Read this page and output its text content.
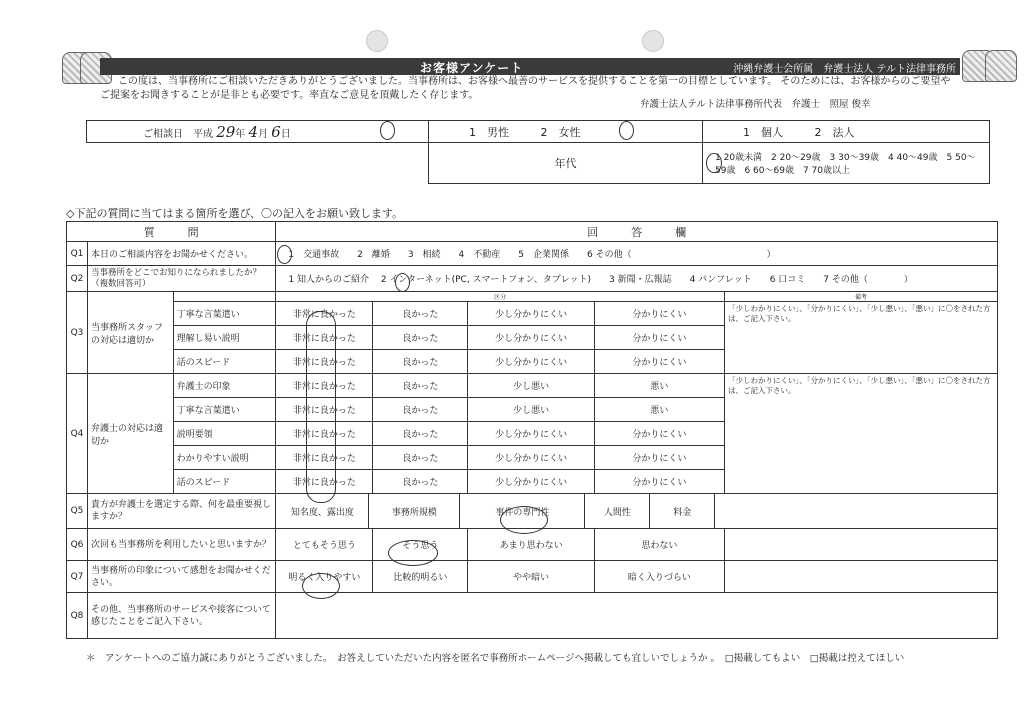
お客様アンケート	沖縄弁護士会所属　弁護士法人 テルト法律事務所
この度は、当事務所にご相談いただきありがとうございました。当事務所は、お客様へ最善のサービスを提供することを第一の目標としています。 そのためには、お客様からのご要望や
ご提案をお聞きすることが是非とも必要です。率直なご意見を頂戴したく存じます。
弁護士法人テルト法律事務所代表　弁護士　照屋 俊幸
ご相談日　平成 29年 4月 6日	1　男性 2　女性	1　個人 2　法人
	年代	1 20歳未満　2 20～29歳　3 30～39歳　4 40～49歳　5 50～59歳　6 60～69歳　7 70歳以上
◇下記の質問に当てはまる箇所を選び、〇の記入をお願い致します。
質　　　問			回　　　答　　　欄				
Q1	本日のご相談内容をお聞かせください。		1　交通事故　　2　離婚　　3　相続　　4　不動産　　5　企業関係　　6 その他（　　　　　　　　　　　　　　　）				
Q2	当事務所をどこでお知りになられましたか？（複数回答可）		1 知人からのご紹介　 2 インターネット(PC, スマートフォン、タブレット)　　3 新聞・広報誌　　4 パンフレット　　6 口コミ　　7 その他（　　　　）				
Q3	当事務所スタッフの対応は適切か		区分				備考
		丁寧な言葉遣い	非常に良かった	良かった	少し分かりにくい	分かりにくい	「少しわかりにくい」、「分かりにくい」、「少し悪い」、「悪い」に〇をされた方は、ご記入下さい。
		理解し易い説明	非常に良かった	良かった	少し分かりにくい	分かりにくい	
		話のスピード	非常に良かった	良かった	少し分かりにくい	分かりにくい	
Q4	弁護士の対応は適切か	弁護士の印象	非常に良かった	良かった	少し悪い	悪い	「少しわかりにくい」、「分かりにくい」、「少し悪い」、「悪い」に〇をされた方は、ご記入下さい。
		丁寧な言葉遣い	非常に良かった	良かった	少し悪い	悪い	
		説明要領	非常に良かった	良かった	少し分かりにくい	分かりにくい	
		わかりやすい説明	非常に良かった	良かった	少し分かりにくい	分かりにくい	
		話のスピード	非常に良かった	良かった	少し分かりにくい	分かりにくい	
Q5	貴方が弁護士を選定する際、何を最重要視しますか？		知名度、露出度 事務所規模 事件の専門性 人間性 料金				

Q6	次回も当事務所を利用したいと思いますか？		とてもそう思う	そう思う	あまり思わない	思わない	
Q7	当事務所の印象について感想をお聞かせください。		明るく入りやすい	比較的明るい	やや暗い	暗く入りづらい	
Q8	その他、当事務所のサービスや接客について感じたことをご記入下さい。						
＊　アンケートへのご協力誠にありがとうございました。　お答えしていただいた内容を匿名で事務所ホームページへ掲載しても宜しいでしょうか 。　□掲載してもよい　□掲載は控えてほしい
